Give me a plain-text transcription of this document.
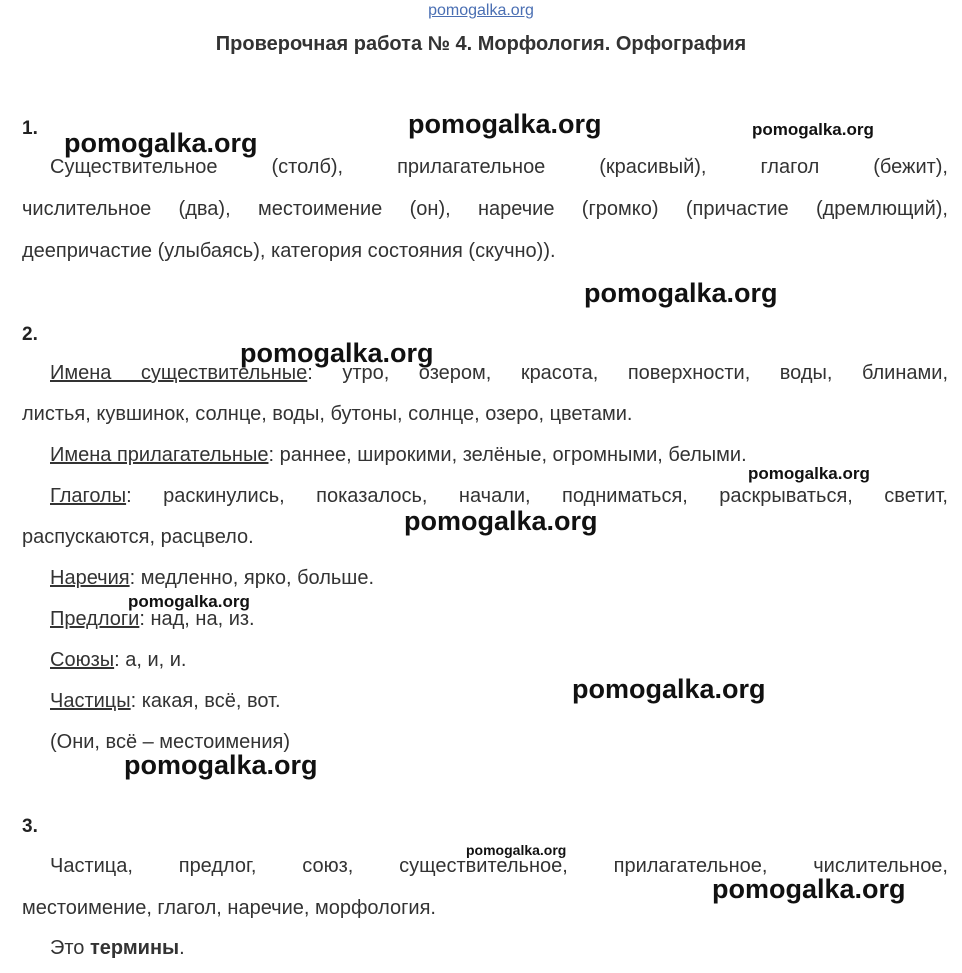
pomogalka.org
Проверочная работа № 4. Морфология. Орфография
1.
Существительное (столб), прилагательное (красивый), глагол (бежит),
числительное (два), местоимение (он), наречие (громко) (причастие (дремлющий),
деепричастие (улыбаясь), категория состояния (скучно)).
2.
Имена существительные: утро, озером, красота, поверхности, воды, блинами,
листья, кувшинок, солнце, воды, бутоны, солнце, озеро, цветами.
Имена прилагательные: раннее, широкими, зелёные, огромными, белыми.
Глаголы: раскинулись, показалось, начали, подниматься, раскрываться, светит,
распускаются, расцвело.
Наречия: медленно, ярко, больше.
Предлоги: над, на, из.
Союзы: а, и, и.
Частицы: какая, всё, вот.
(Они, всё – местоимения)
3.
Частица, предлог, союз, существительное, прилагательное, числительное,
местоимение, глагол, наречие, морфология.
Это термины.
pomogalka.org
pomogalka.org	pomogalka.org
pomogalka.org
pomogalka.org
pomogalka.org
pomogalka.org
pomogalka.org
pomogalka.org
pomogalka.org
pomogalka.org
pomogalka.org
